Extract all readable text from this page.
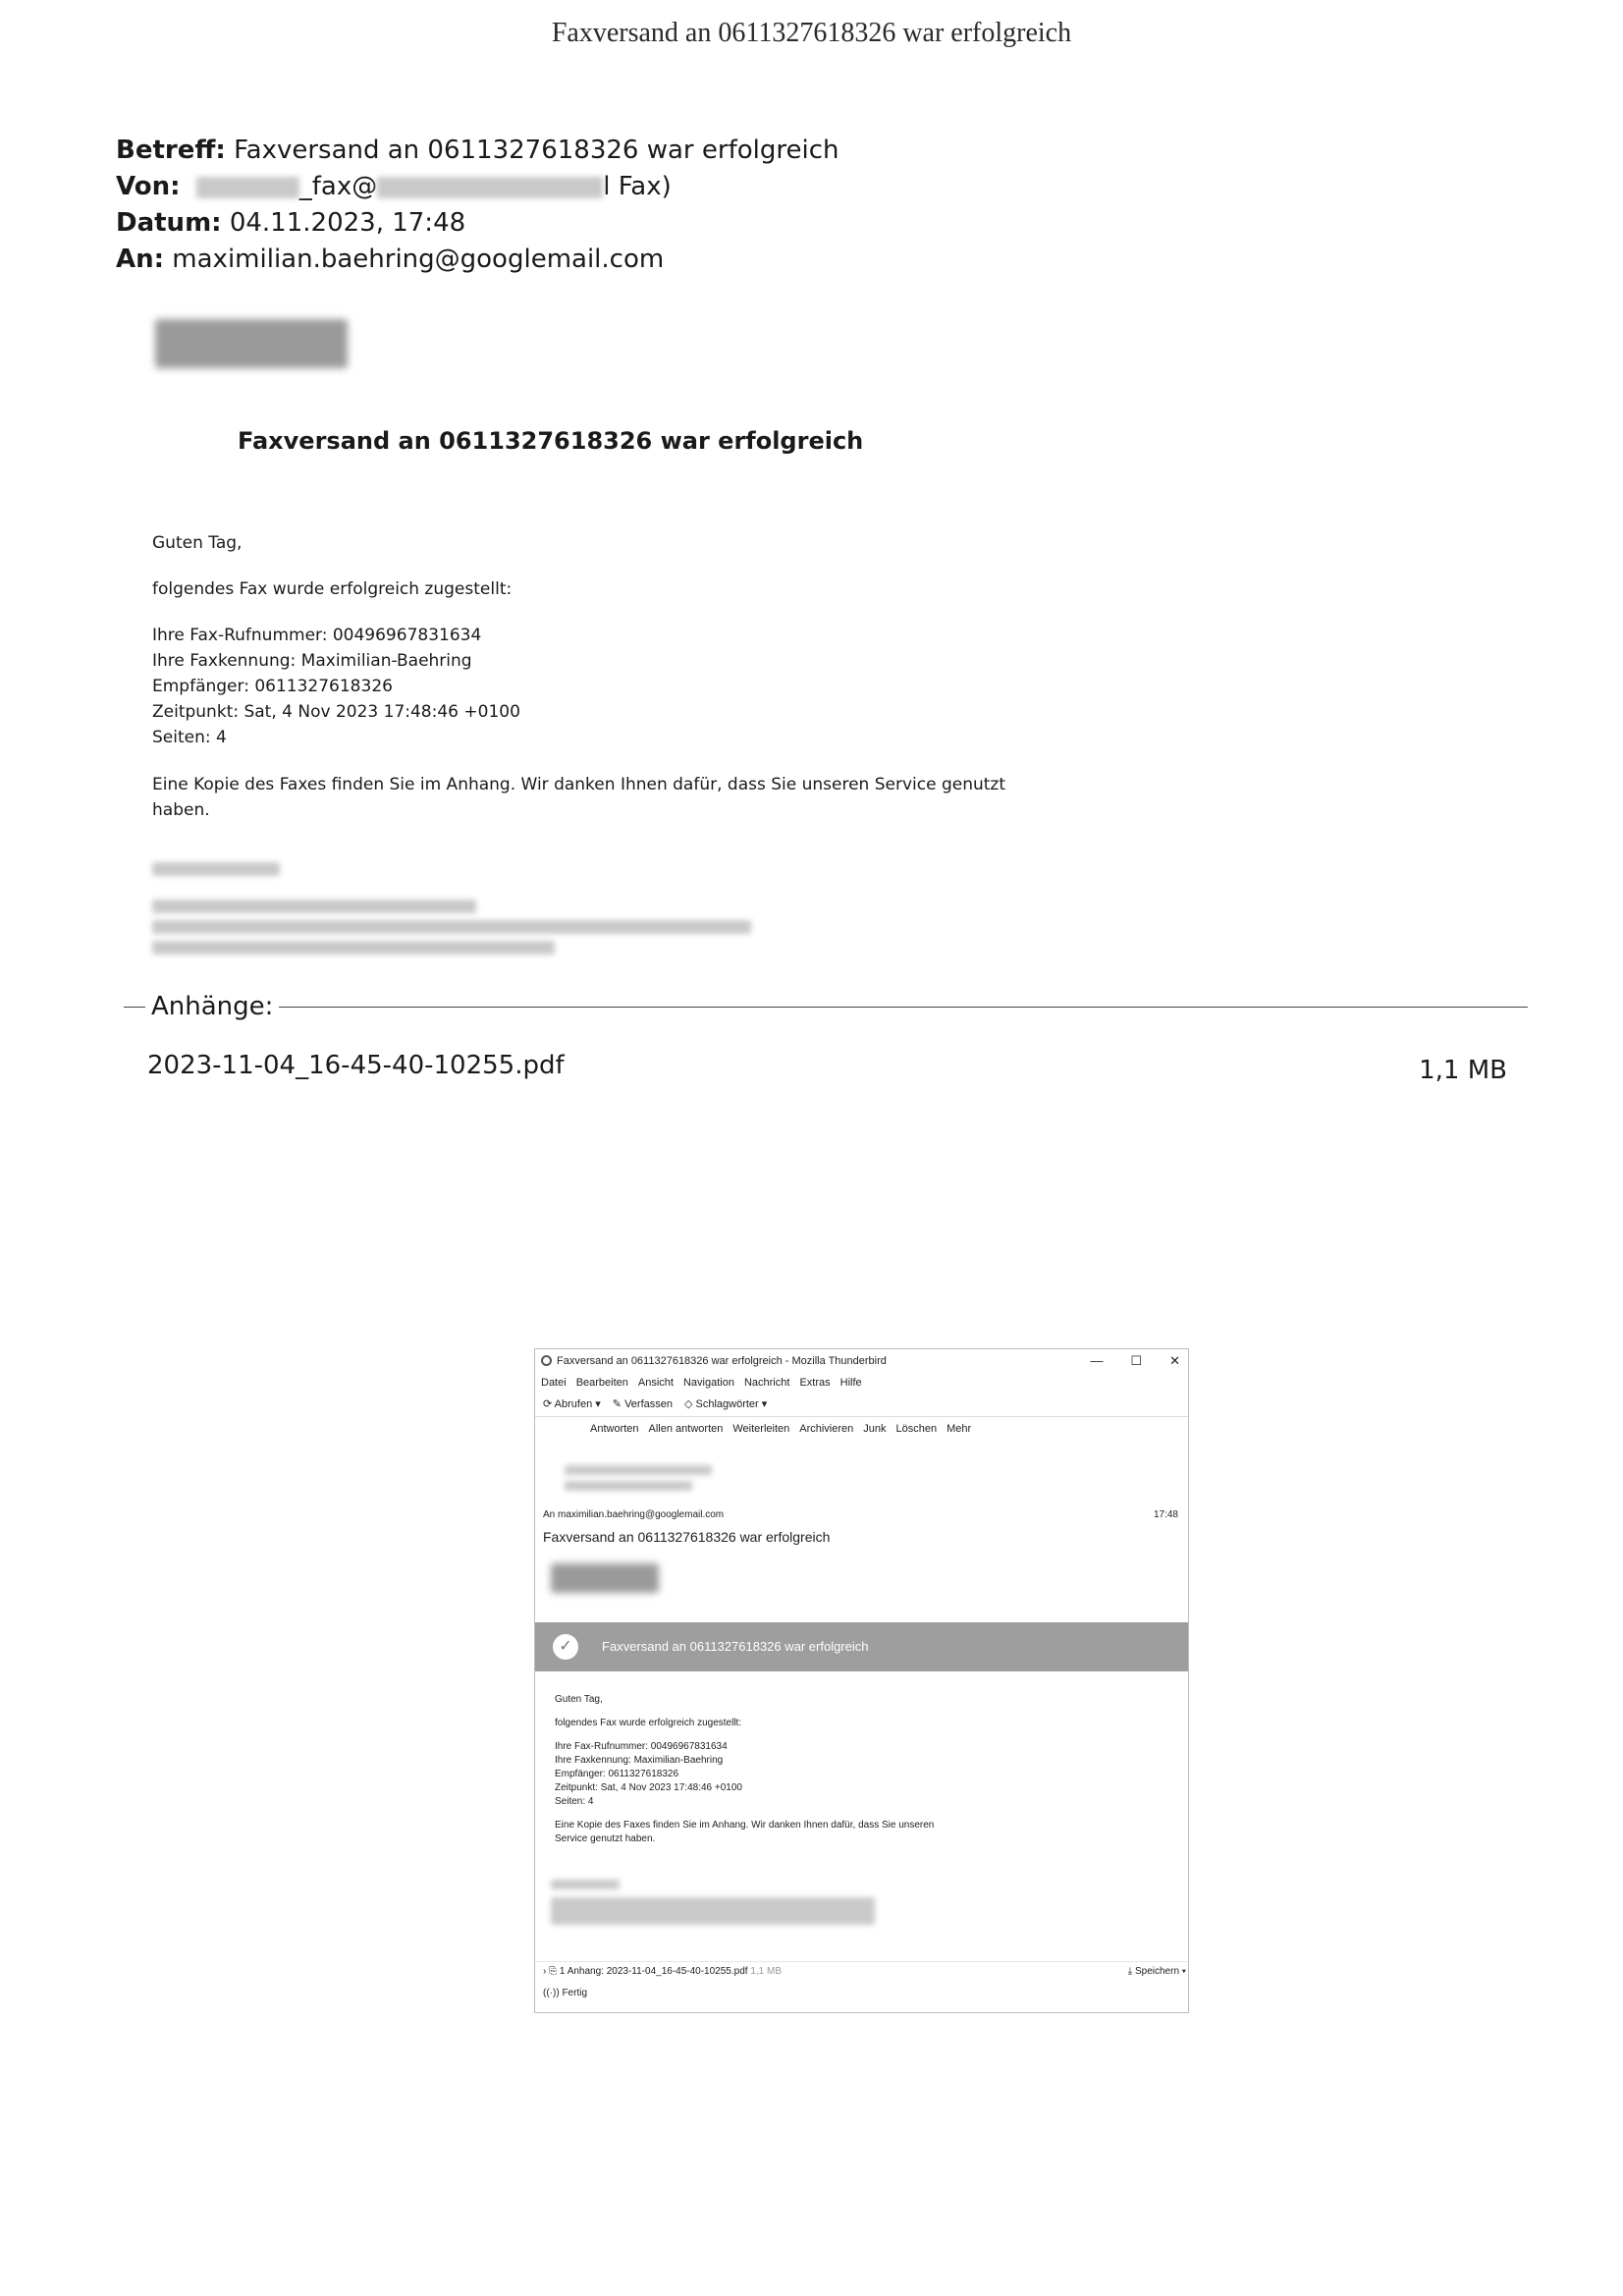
Faxversand an 0611327618326 war erfolgreich
Betreff: Faxversand an 0611327618326 war erfolgreich
Von:	_fax@	l Fax)
Datum: 04.11.2023, 17:48
An: maximilian.baehring@googlemail.com
Faxversand an 0611327618326 war erfolgreich
Guten Tag,
folgendes Fax wurde erfolgreich zugestellt:
Ihre Fax-Rufnummer: 00496967831634
Ihre Faxkennung: Maximilian-Baehring
Empfänger: 0611327618326
Zeitpunkt: Sat, 4 Nov 2023 17:48:46 +0100
Seiten: 4
Eine Kopie des Faxes finden Sie im Anhang. Wir danken Ihnen dafür, dass Sie unseren Service genutzt
haben.
Anhänge:
2023-11-04_16-45-40-10255.pdf	1,1 MB
Faxversand an 0611327618326 war erfolgreich - Mozilla Thunderbird	— ☐ ✕
Datei Bearbeiten Ansicht Navigation Nachricht Extras Hilfe
⟳ Abrufen ▾ ✎ Verfassen ◇ Schlagwörter ▾
Antworten Allen antworten Weiterleiten Archivieren Junk Löschen Mehr
An maximilian.baehring@googlemail.com	17:48
Faxversand an 0611327618326 war erfolgreich
✓	Faxversand an 0611327618326 war erfolgreich
Guten Tag,
folgendes Fax wurde erfolgreich zugestellt:
Ihre Fax-Rufnummer: 00496967831634
Ihre Faxkennung: Maximilian-Baehring
Empfänger: 0611327618326
Zeitpunkt: Sat, 4 Nov 2023 17:48:46 +0100
Seiten: 4
Eine Kopie des Faxes finden Sie im Anhang. Wir danken Ihnen dafür, dass Sie unseren
Service genutzt haben.
› ⎘ 1 Anhang: 2023-11-04_16-45-40-10255.pdf 1,1 MB	⤓ Speichern ▾
((·)) Fertig
